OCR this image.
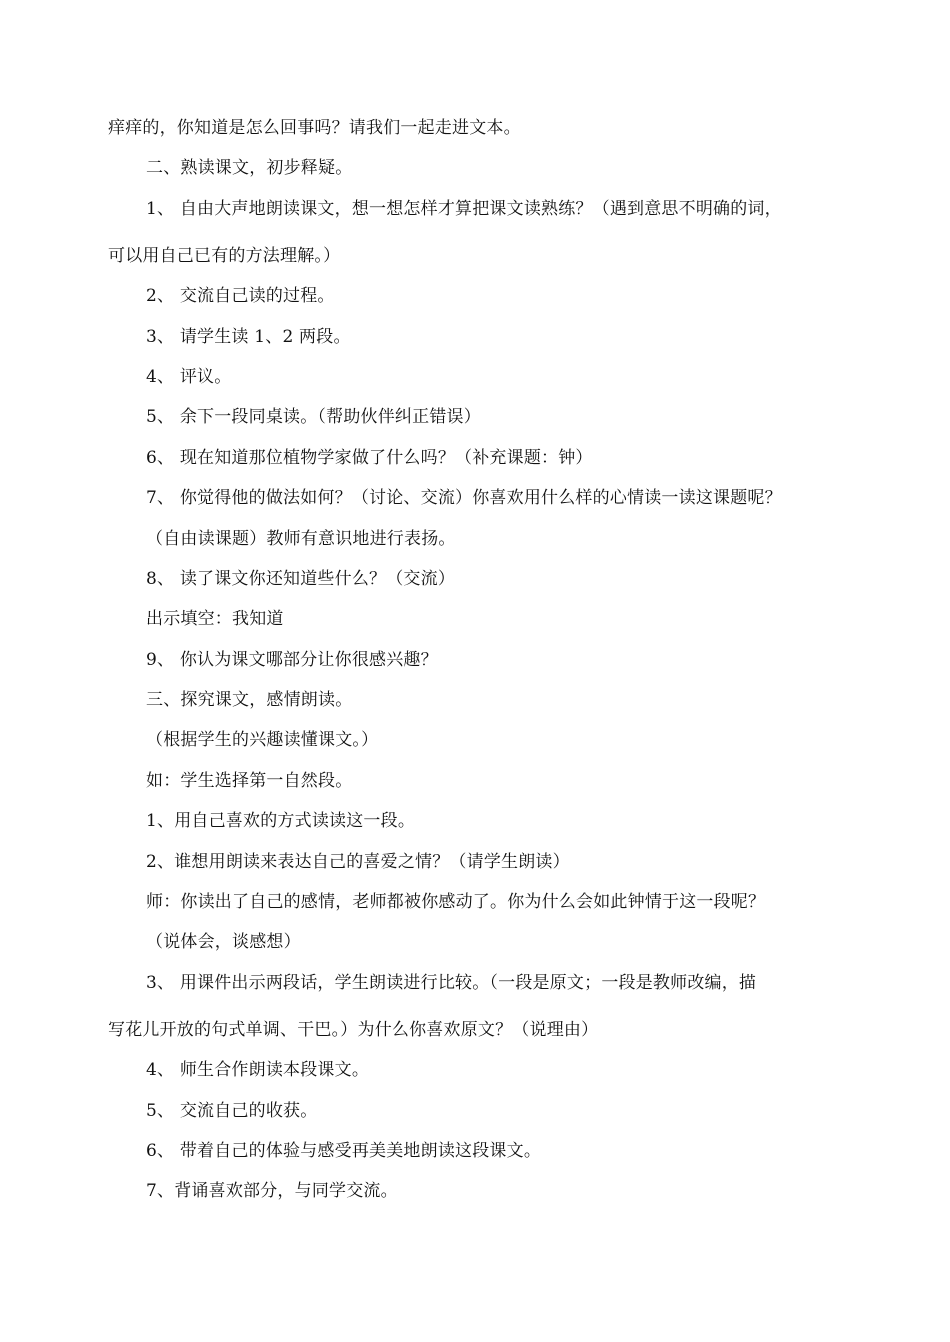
痒痒的，你知道是怎么回事吗？请我们一起走进文本。
二、熟读课文，初步释疑。
1、 自由大声地朗读课文，想一想怎样才算把课文读熟练？（遇到意思不明确的词，
可以用自己已有的方法理解。）
2、 交流自己读的过程。
3、 请学生读 1、2 两段。
4、 评议。
5、 余下一段同桌读。（帮助伙伴纠正错误）
6、 现在知道那位植物学家做了什么吗？（补充课题：钟）
7、 你觉得他的做法如何？（讨论、交流）你喜欢用什么样的心情读一读这课题呢？
（自由读课题）教师有意识地进行表扬。
8、 读了课文你还知道些什么？（交流）
出示填空：我知道
9、 你认为课文哪部分让你很感兴趣？
三、探究课文，感情朗读。
（根据学生的兴趣读懂课文。）
如：学生选择第一自然段。
1、用自己喜欢的方式读读这一段。
2、谁想用朗读来表达自己的喜爱之情？（请学生朗读）
师：你读出了自己的感情，老师都被你感动了。你为什么会如此钟情于这一段呢？
（说体会，谈感想）
3、 用课件出示两段话，学生朗读进行比较。（一段是原文；一段是教师改编，描
写花儿开放的句式单调、干巴。）为什么你喜欢原文？（说理由）
4、 师生合作朗读本段课文。
5、 交流自己的收获。
6、 带着自己的体验与感受再美美地朗读这段课文。
7、背诵喜欢部分，与同学交流。
